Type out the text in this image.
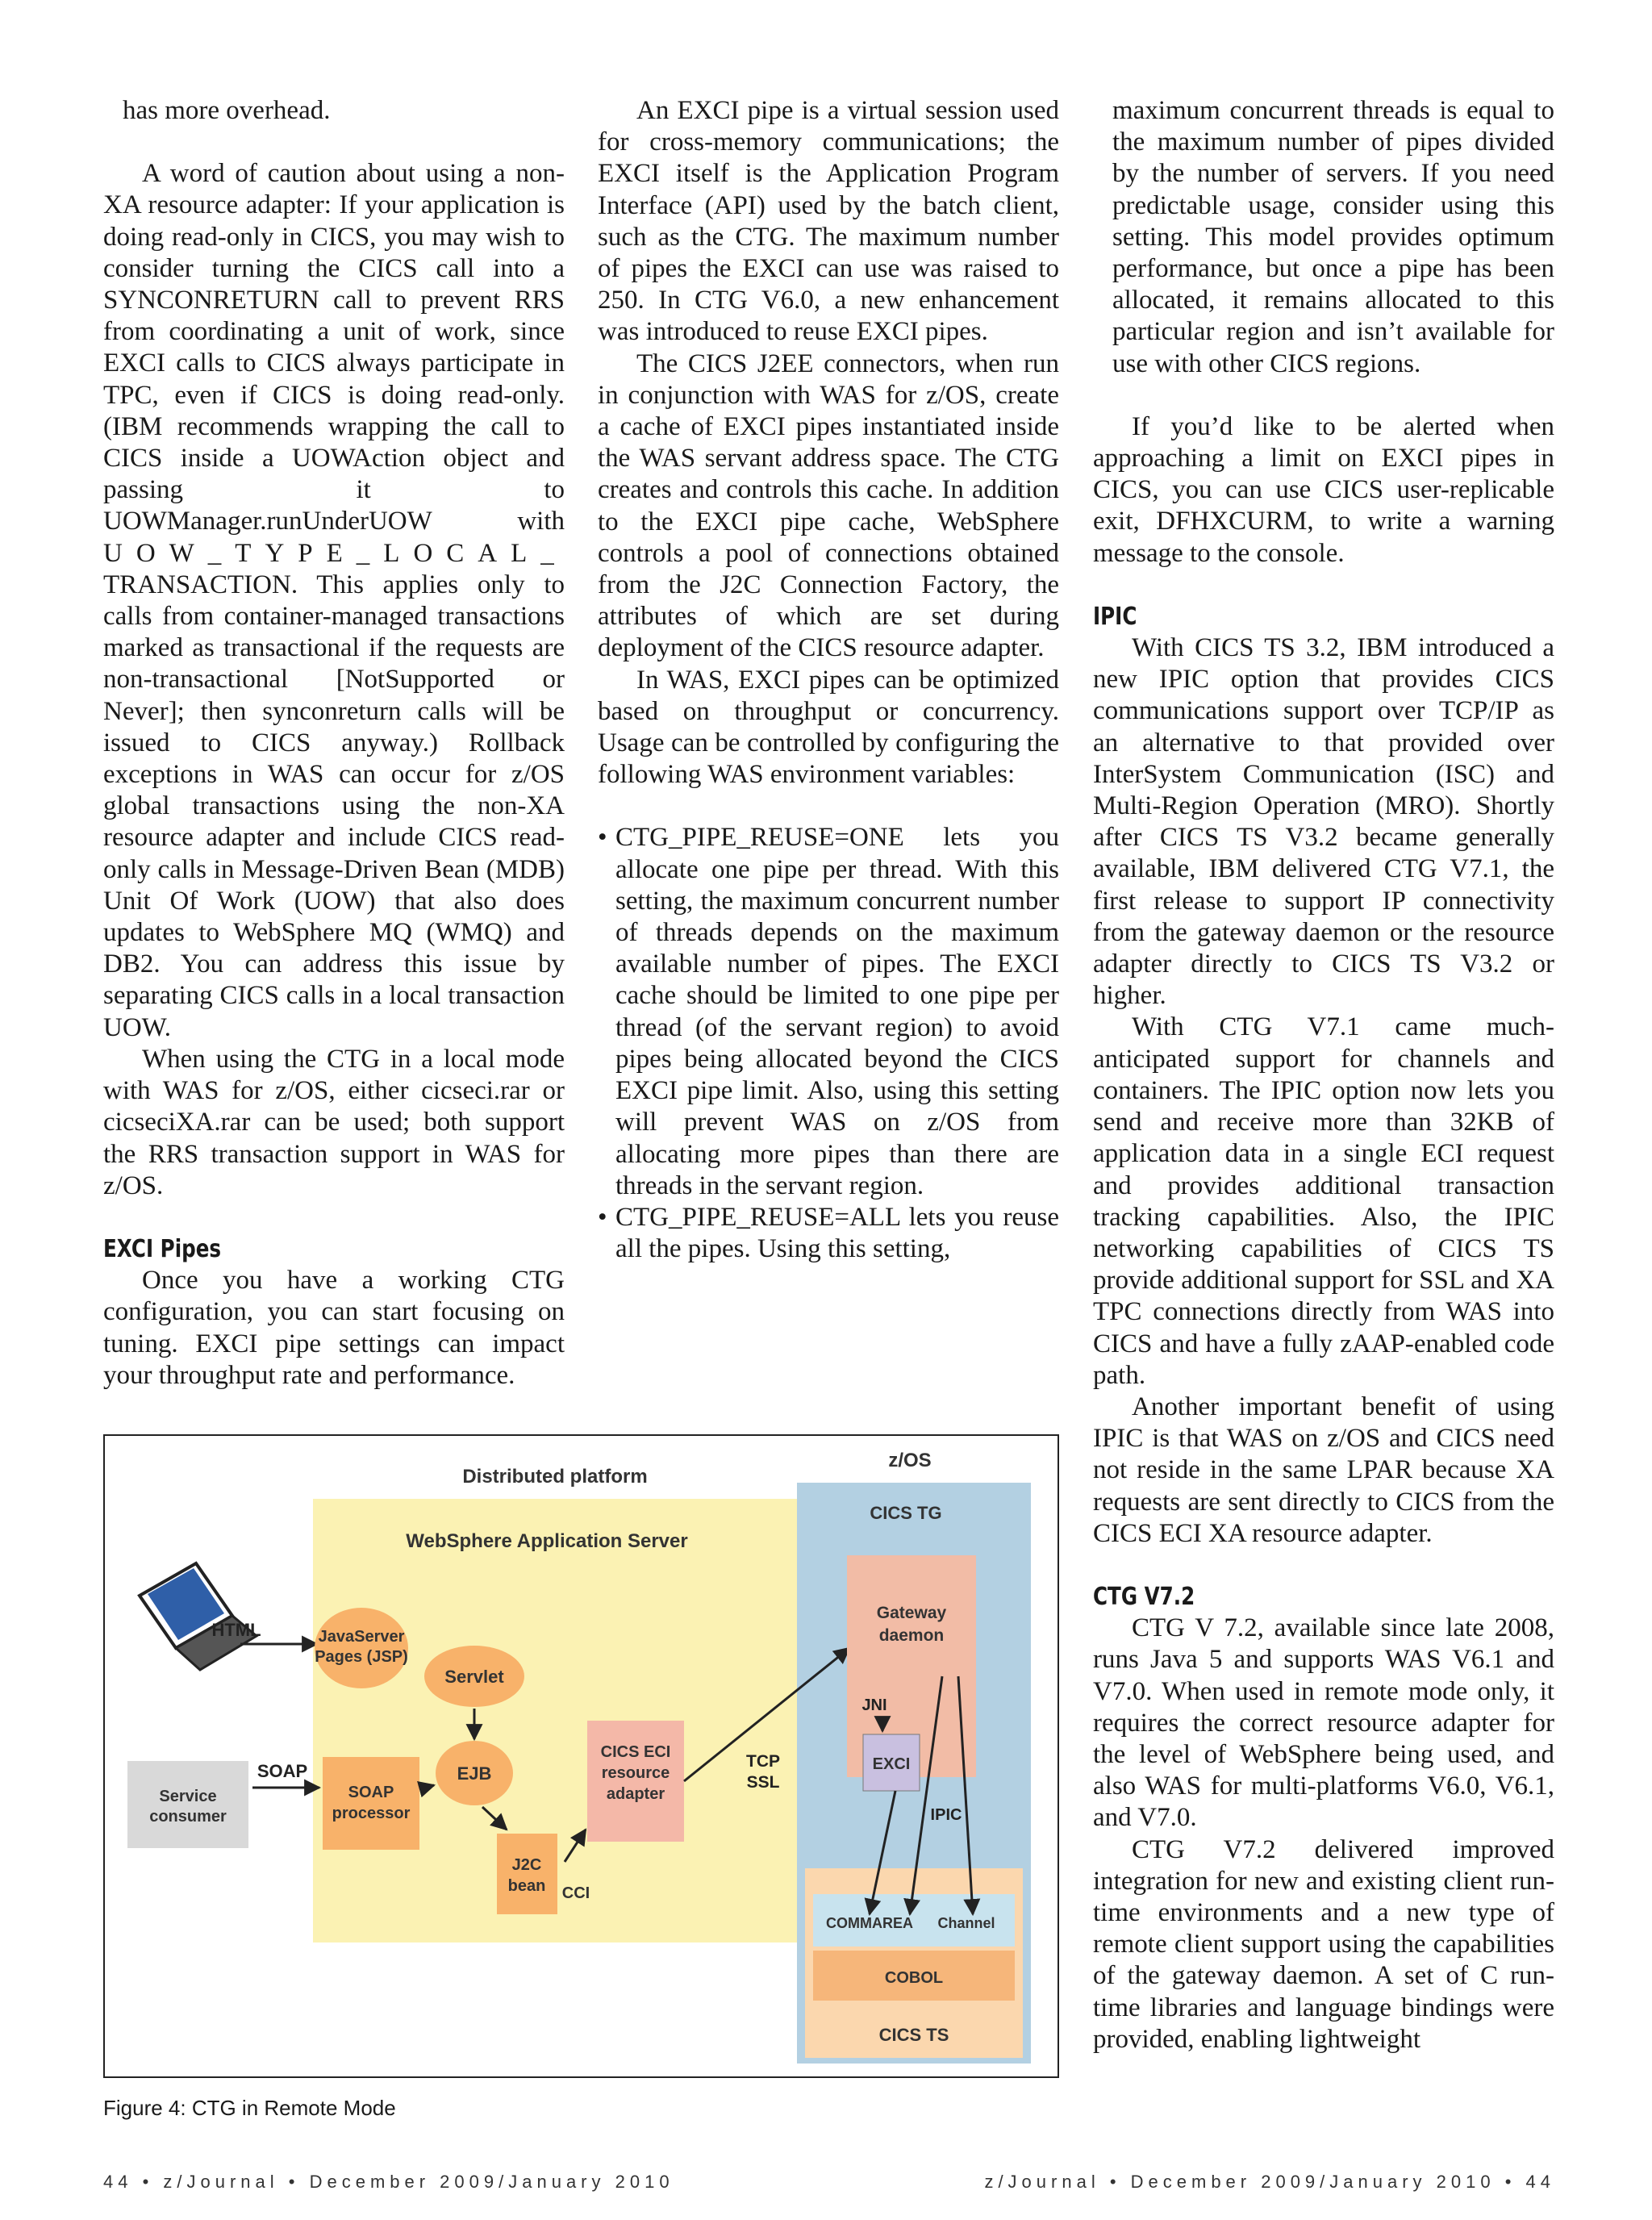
has more overhead.

A word of caution about using a non-XA resource adapter: If your application is doing read-only in CICS, you may wish to consider turning the CICS call into a SYNCONRETURN call to prevent RRS from coordinating a unit of work, since EXCI calls to CICS always participate in TPC, even if CICS is doing read-only. (IBM recommends wrapping the call to CICS inside a UOWAction object and passing it to UOWManager.runUnderUOW with UOW_TYPE_LOCAL_ TRANSACTION. This applies only to calls from container-managed transactions marked as transactional if the requests are non-transactional [NotSupported or Never]; then synconreturn calls will be issued to CICS anyway.) Rollback exceptions in WAS can occur for z/OS global transactions using the non-XA resource adapter and include CICS read-only calls in Message-Driven Bean (MDB) Unit Of Work (UOW) that also does updates to WebSphere MQ (WMQ) and DB2. You can address this issue by separating CICS calls in a local transaction UOW.

When using the CTG in a local mode with WAS for z/OS, either cicseci.rar or cicseciXA.rar can be used; both support the RRS transaction support in WAS for z/OS.

EXCI Pipes

Once you have a working CTG configuration, you can start focusing on tuning. EXCI pipe settings can impact your throughput rate and performance.

An EXCI pipe is a virtual session used for cross-memory communications; the EXCI itself is the Application Program Interface (API) used by the batch client, such as the CTG. The maximum number of pipes the EXCI can use was raised to 250. In CTG V6.0, a new enhancement was introduced to reuse EXCI pipes.

The CICS J2EE connectors, when run in conjunction with WAS for z/OS, create a cache of EXCI pipes instantiated inside the WAS servant address space. The CTG creates and controls this cache. In addition to the EXCI pipe cache, WebSphere controls a pool of connections obtained from the J2C Connection Factory, the attributes of which are set during deployment of the CICS resource adapter.

In WAS, EXCI pipes can be optimized based on throughput or concurrency. Usage can be controlled by configuring the following WAS environment variables:

• CTG_PIPE_REUSE=ONE lets you allocate one pipe per thread. With this setting, the maximum concurrent number of threads depends on the maximum available number of pipes. The EXCI cache should be limited to one pipe per thread (of the servant region) to avoid pipes being allocated beyond the CICS EXCI pipe limit. Also, using this setting will prevent WAS on z/OS from allocating more pipes than there are threads in the servant region.
• CTG_PIPE_REUSE=ALL lets you reuse all the pipes. Using this setting,

maximum concurrent threads is equal to the maximum number of pipes divided by the number of servers. If you need predictable usage, consider using this setting. This model provides optimum performance, but once a pipe has been allocated, it remains allocated to this particular region and isn’t available for use with other CICS regions.

If you’d like to be alerted when approaching a limit on EXCI pipes in CICS, you can use CICS user-replicable exit, DFHXCURM, to write a warning message to the console.

IPIC

With CICS TS 3.2, IBM introduced a new IPIC option that provides CICS communications support over TCP/IP as an alternative to that provided over InterSystem Communication (ISC) and Multi-Region Operation (MRO). Shortly after CICS TS V3.2 became generally available, IBM delivered CTG V7.1, the first release to support IP connectivity from the gateway daemon or the resource adapter directly to CICS TS V3.2 or higher.

With CTG V7.1 came much-anticipated support for channels and containers. The IPIC option now lets you send and receive more than 32KB of application data in a single ECI request and provides additional transaction tracking capabilities. Also, the IPIC networking capabilities of CICS TS provide additional support for SSL and XA TPC connections directly from WAS into CICS and have a fully zAAP-enabled code path.

Another important benefit of using IPIC is that WAS on z/OS and CICS need not reside in the same LPAR because XA requests are sent directly to CICS from the CICS ECI XA resource adapter.

CTG V7.2

CTG V 7.2, available since late 2008, runs Java 5 and supports WAS V6.1 and V7.0. When used in remote mode only, it requires the correct resource adapter for the level of WebSphere being used, and also WAS for multi-platforms V6.0, V6.1, and V7.0.

CTG V7.2 delivered improved integration for new and existing client run-time environments and a new type of remote client support using the capabilities of the gateway daemon. A set of C run-time libraries and language bindings were provided, enabling lightweight

Distributed platform
WebSphere Application Server
z/OS
CICS TG
HTML	JavaServer
Pages (JSP)
Servlet
EJB
Service
consumer
SOAP
SOAP
processor
J2C
bean CCI
CICS ECI
resource
adapter
TCP
SSL
Gateway
daemon
JNI
EXCI
COMMAREA Channel
COBOL
CICS TS
IPIC
Figure 4: CTG in Remote Mode
44 • z/Journal • December 2009/January 2010	z/Journal • December 2009/January 2010 • 44
